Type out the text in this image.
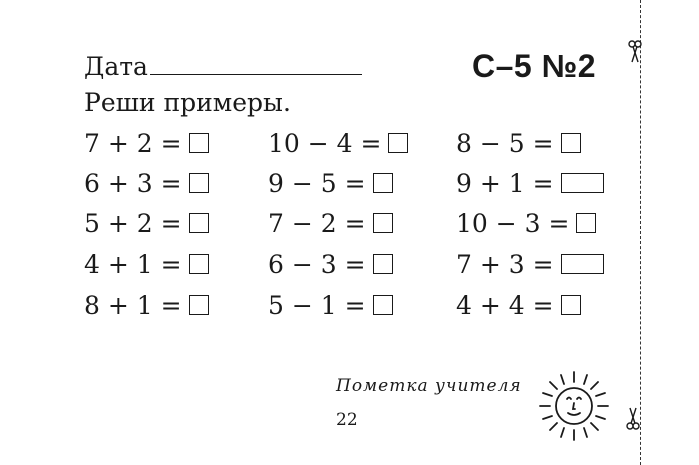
Дата	С–5 №2
Реши примеры.
7 + 2 =
6 + 3 =
5 + 2 =
4 + 1 =
8 + 1 =
10 − 4 =
9 − 5 =
7 − 2 =
6 − 3 =
5 − 1 =
8 − 5 =
9 + 1 =
10 − 3 =
7 + 3 =
4 + 4 =
Пометка учителя
22
